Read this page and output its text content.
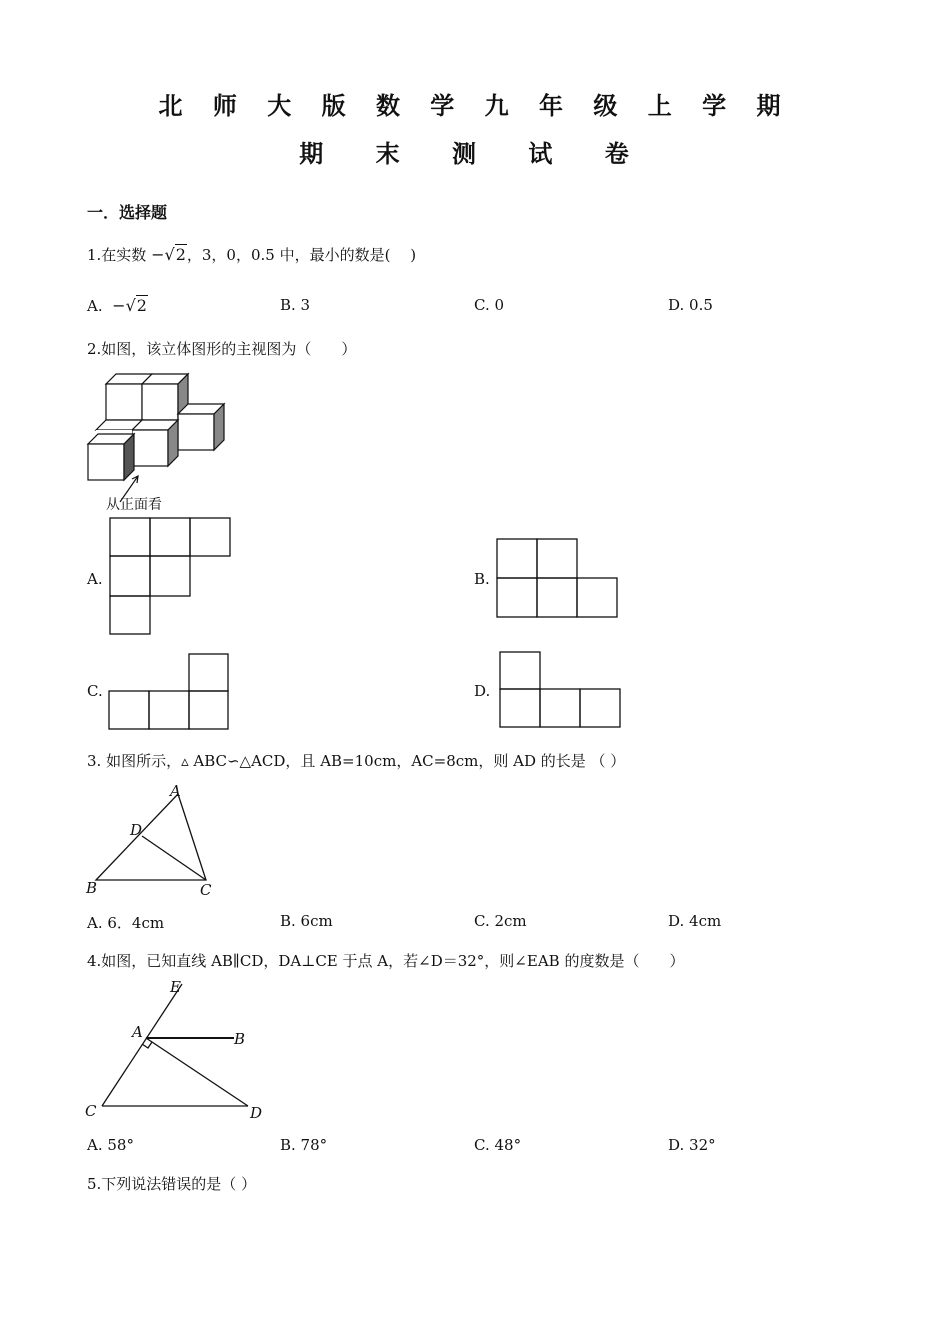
北 师 大 版 数 学 九 年 级 上 学 期
期 末 测 试 卷
一．选择题
1.在实数 −√2，3，0，0.5 中，最小的数是(　 )
A. −√2	B. 3	C. 0	D. 0.5
2.如图，该立体图形的主视图为（　　）
从正面看
A.	B.
C.	D.
3. 如图所示，▵ ABC∽△ACD，且 AB=10cm，AC=8cm，则 AD 的长是 （ ）
A
B	C
D
A. 6．4cm	B. 6cm	C. 2cm	D. 4cm
4.如图，已知直线 AB∥CD，DA⊥CE 于点 A，若∠D＝32°，则∠EAB 的度数是（　　）
E
A	B
C	D
A. 58°	B. 78°	C. 48°	D. 32°
5.下列说法错误的是（ ）
